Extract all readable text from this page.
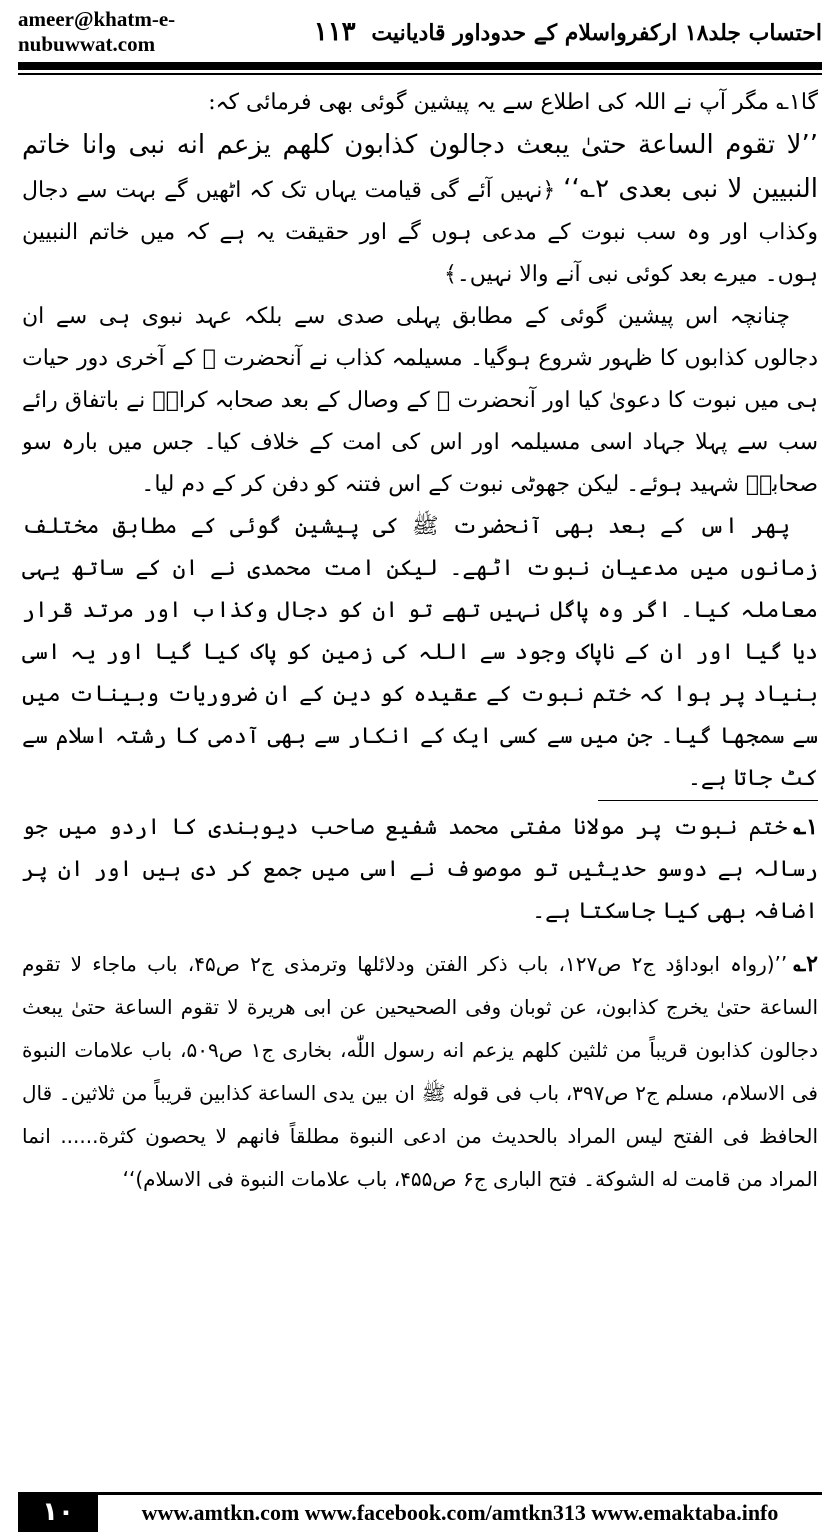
ameer@khatm-e-nubuwwat.com	احتساب جلد۱۸ ارکفرواسلام کے حدوداور قادیانیت ۱۱۳

گا۱؎ مگر آپ نے اللہ کی اطلاع سے یہ پیشین گوئی بھی فرمائی کہ:

’’لا تقوم الساعة حتیٰ یبعث دجالون کذابون کلهم یزعم انه نبی وانا خاتم النبیین لا نبی بعدی ۲؎‘‘ ﴿نہیں آئے گی قیامت یہاں تک کہ اٹھیں گے بہت سے دجال وکذاب اور وہ سب نبوت کے مدعی ہوں گے اور حقیقت یہ ہے کہ میں خاتم النبیین ہوں۔ میرے بعد کوئی نبی آنے والا نہیں۔﴾

چنانچہ اس پیشین گوئی کے مطابق پہلی صدی سے بلکہ عہد نبوی ہی سے ان دجالوں کذابوں کا ظہور شروع ہوگیا۔ مسیلمہ کذاب نے آنحضرت ﷺ کے آخری دور حیات ہی میں نبوت کا دعویٰ کیا اور آنحضرت ﷺ کے وصال کے بعد صحابہ کرامؓ نے باتفاق رائے سب سے پہلا جہاد اسی مسیلمہ اور اس کی امت کے خلاف کیا۔ جس میں بارہ سو صحابہؓ شہید ہوئے۔ لیکن جھوٹی نبوت کے اس فتنہ کو دفن کر کے دم لیا۔

پھر اس کے بعد بھی آنحضرت ﷺ کی پیشین گوئی کے مطابق مختلف زمانوں میں مدعیان نبوت اٹھے۔ لیکن امت محمدی نے ان کے ساتھ یہی معاملہ کیا۔ اگر وہ پاگل نہیں تھے تو ان کو دجال وکذاب اور مرتد قرار دیا گیا اور ان کے ناپاک وجود سے اللہ کی زمین کو پاک کیا گیا اور یہ اسی بنیاد پر ہوا کہ ختم نبوت کے عقیدہ کو دین کے ان ضروریات وبینات میں سے سمجھا گیا۔ جن میں سے کسی ایک کے انکار سے بھی آدمی کا رشتہ اسلام سے کٹ جاتا ہے۔

۱؎ختم نبوت پر مولانا مفتی محمد شفیع صاحب دیوبندی کا اردو میں جو رسالہ ہے دوسو حدیثیں تو موصوف نے اسی میں جمع کر دی ہیں اور ان پر اضافہ بھی کیا جاسکتا ہے۔

۲؎’’(رواہ ابوداؤد ج۲ ص۱۲۷، باب ذکر الفتن ودلائلها وترمذی ج۲ ص۴۵، باب ماجاء لا تقوم الساعة حتیٰ یخرج کذابون، عن ثوبان وفی الصحیحین عن ابی هریرة لا تقوم الساعة حتیٰ یبعث دجالون کذابون قریباً من ثلثین کلهم یزعم انه رسول اللّٰه، بخاری ج۱ ص۵۰۹، باب علامات النبوة فی الاسلام، مسلم ج۲ ص۳۹۷، باب فی قوله ﷺ ان بین یدی الساعة کذابین قریباً من ثلاثین۔ قال الحافظ فی الفتح لیس المراد بالحدیث من ادعی النبوة مطلقاً فانهم لا یحصون کثرة...... انما المراد من قامت له الشوکة۔ فتح الباری ج۶ ص۴۵۵، باب علامات النبوة فی الاسلام)‘‘

۱۰	www.amtkn.com www.facebook.com/amtkn313 www.emaktaba.info
